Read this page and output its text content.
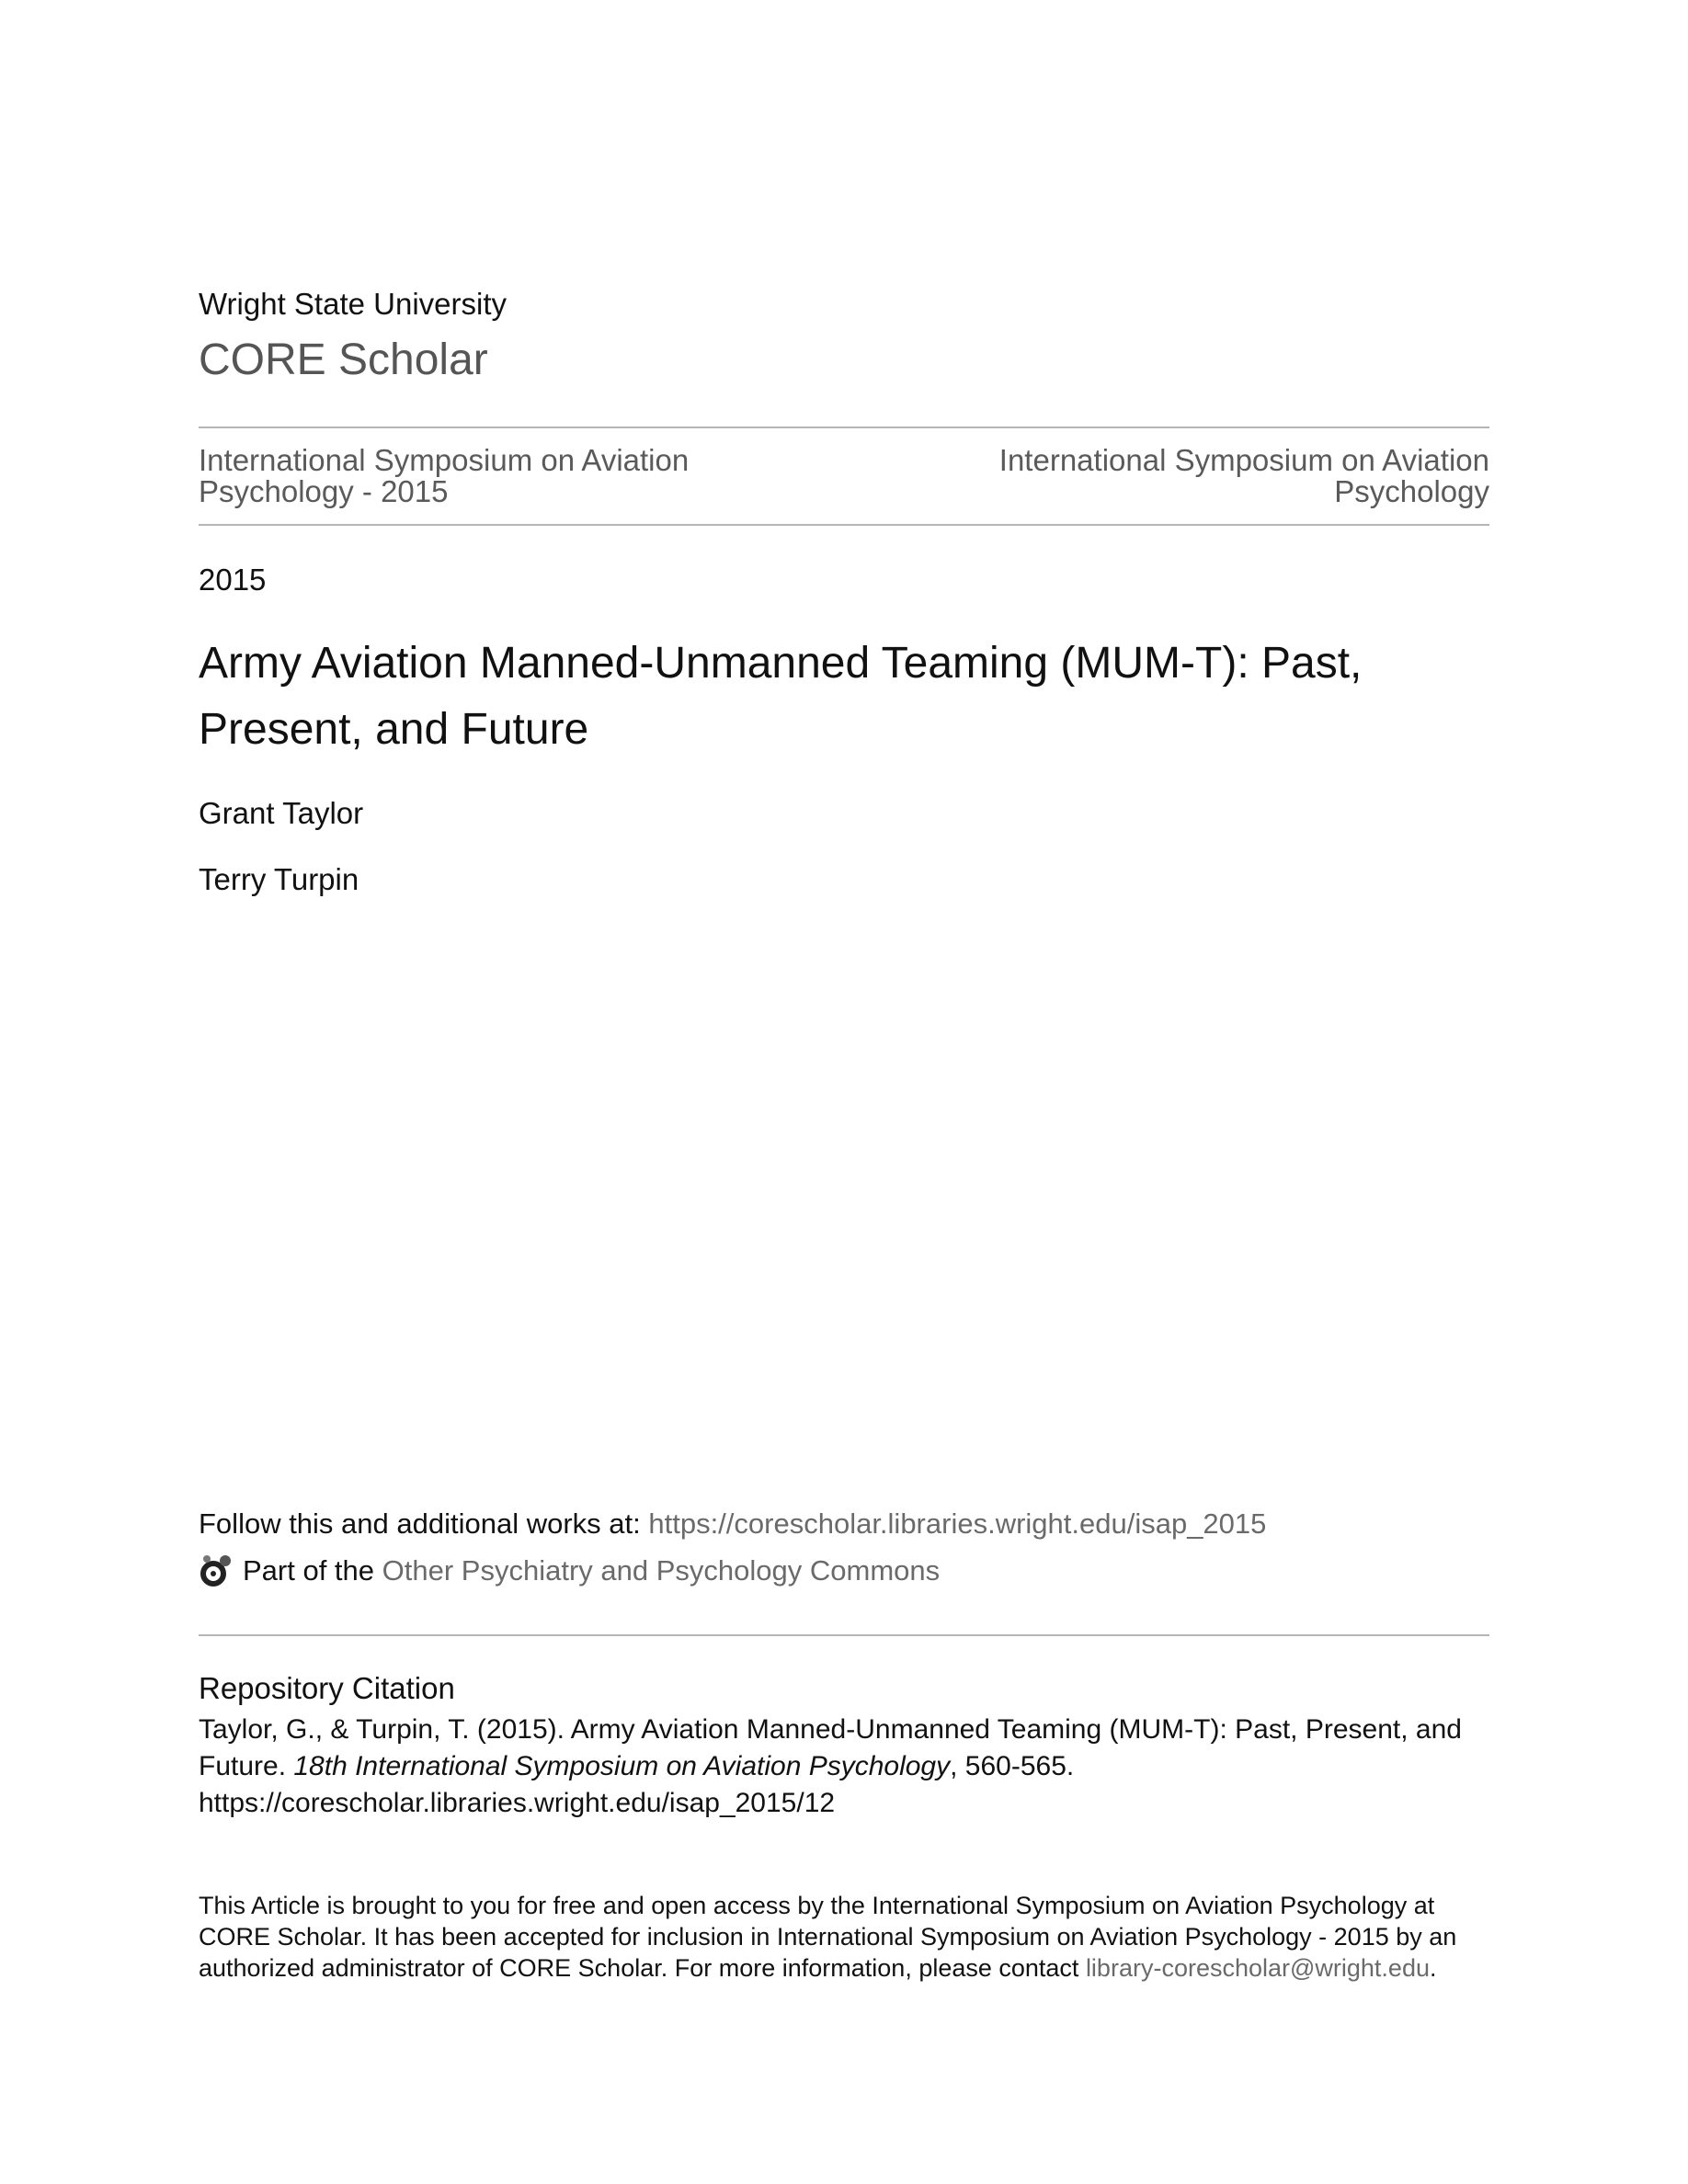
Wright State University
CORE Scholar
International Symposium on Aviation Psychology - 2015
International Symposium on Aviation Psychology
2015
Army Aviation Manned-Unmanned Teaming (MUM-T): Past, Present, and Future
Grant Taylor
Terry Turpin
Follow this and additional works at: https://corescholar.libraries.wright.edu/isap_2015
Part of the
Other Psychiatry and Psychology Commons
Repository Citation
Taylor, G., & Turpin, T. (2015). Army Aviation Manned-Unmanned Teaming (MUM-T): Past, Present, and Future. 18th International Symposium on Aviation Psychology, 560-565.
https://corescholar.libraries.wright.edu/isap_2015/12
This Article is brought to you for free and open access by the International Symposium on Aviation Psychology at CORE Scholar. It has been accepted for inclusion in International Symposium on Aviation Psychology - 2015 by an authorized administrator of CORE Scholar. For more information, please contact library-corescholar@wright.edu.
